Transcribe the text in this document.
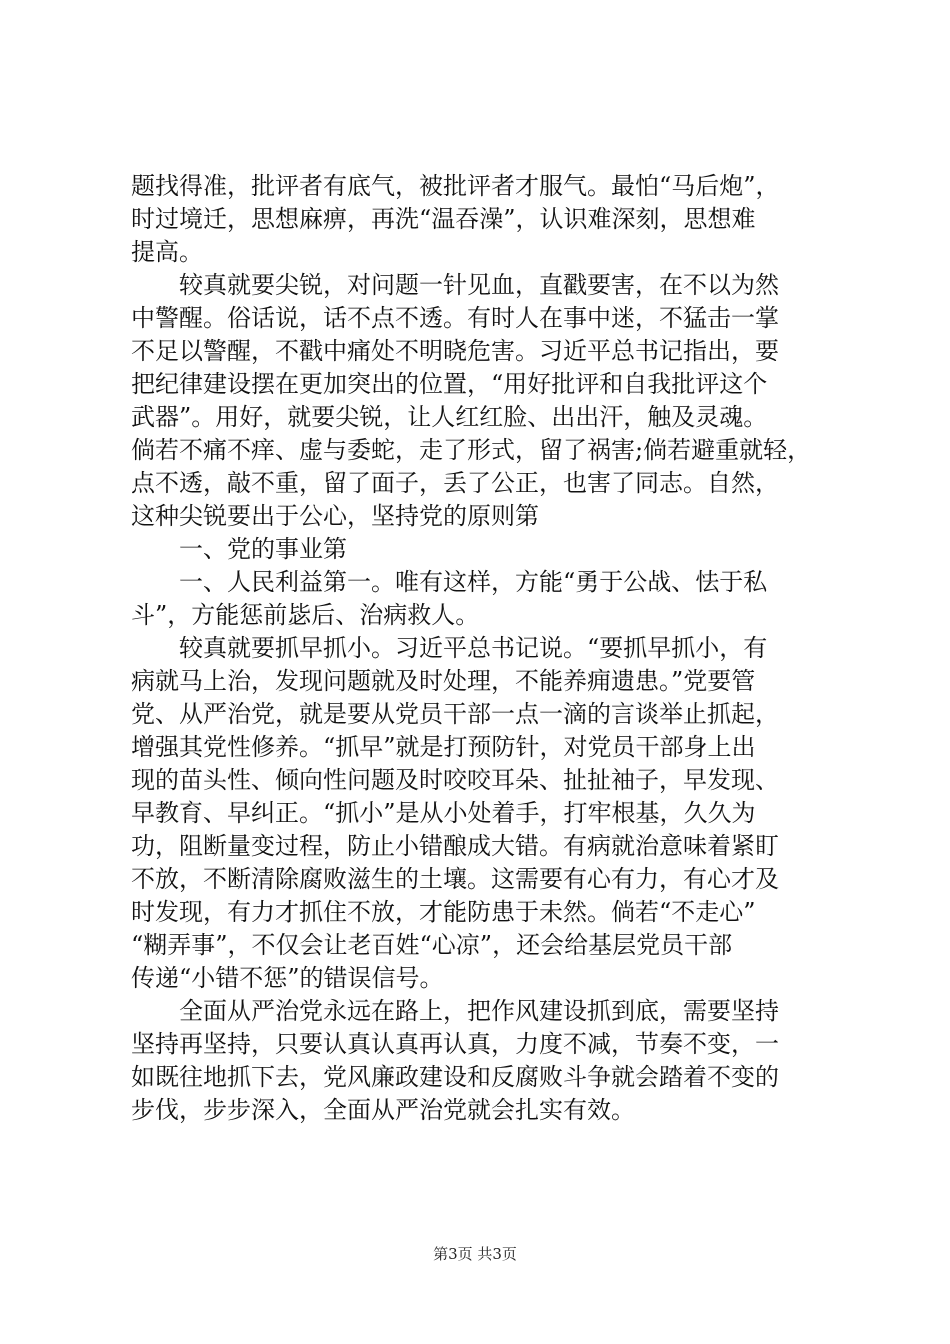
题找得准，批评者有底气，被批评者才服气。最怕“马后炮”，
时过境迁，思想麻痹，再洗“温吞澡”，认识难深刻，思想难
提高。
较真就要尖锐，对问题一针见血，直戳要害，在不以为然
中警醒。俗话说，话不点不透。有时人在事中迷，不猛击一掌
不足以警醒，不戳中痛处不明晓危害。习近平总书记指出，要
把纪律建设摆在更加突出的位置，“用好批评和自我批评这个
武器”。用好，就要尖锐，让人红红脸、出出汗，触及灵魂。
倘若不痛不痒、虚与委蛇，走了形式，留了祸害;倘若避重就轻，
点不透，敲不重，留了面子，丢了公正，也害了同志。自然，
这种尖锐要出于公心，坚持党的原则第
一、党的事业第
一、人民利益第一。唯有这样，方能“勇于公战、怯于私
斗”，方能惩前毖后、治病救人。
较真就要抓早抓小。习近平总书记说。“要抓早抓小，有
病就马上治，发现问题就及时处理，不能养痈遗患。”党要管
党、从严治党，就是要从党员干部一点一滴的言谈举止抓起，
增强其党性修养。“抓早”就是打预防针，对党员干部身上出
现的苗头性、倾向性问题及时咬咬耳朵、扯扯袖子，早发现、
早教育、早纠正。“抓小”是从小处着手，打牢根基，久久为
功，阻断量变过程，防止小错酿成大错。有病就治意味着紧盯
不放，不断清除腐败滋生的土壤。这需要有心有力，有心才及
时发现，有力才抓住不放，才能防患于未然。倘若“不走心”
“糊弄事”，不仅会让老百姓“心凉”，还会给基层党员干部
传递“小错不惩”的错误信号。
全面从严治党永远在路上，把作风建设抓到底，需要坚持
坚持再坚持，只要认真认真再认真，力度不减，节奏不变，一
如既往地抓下去，党风廉政建设和反腐败斗争就会踏着不变的
步伐，步步深入，全面从严治党就会扎实有效。
第3页 共3页
